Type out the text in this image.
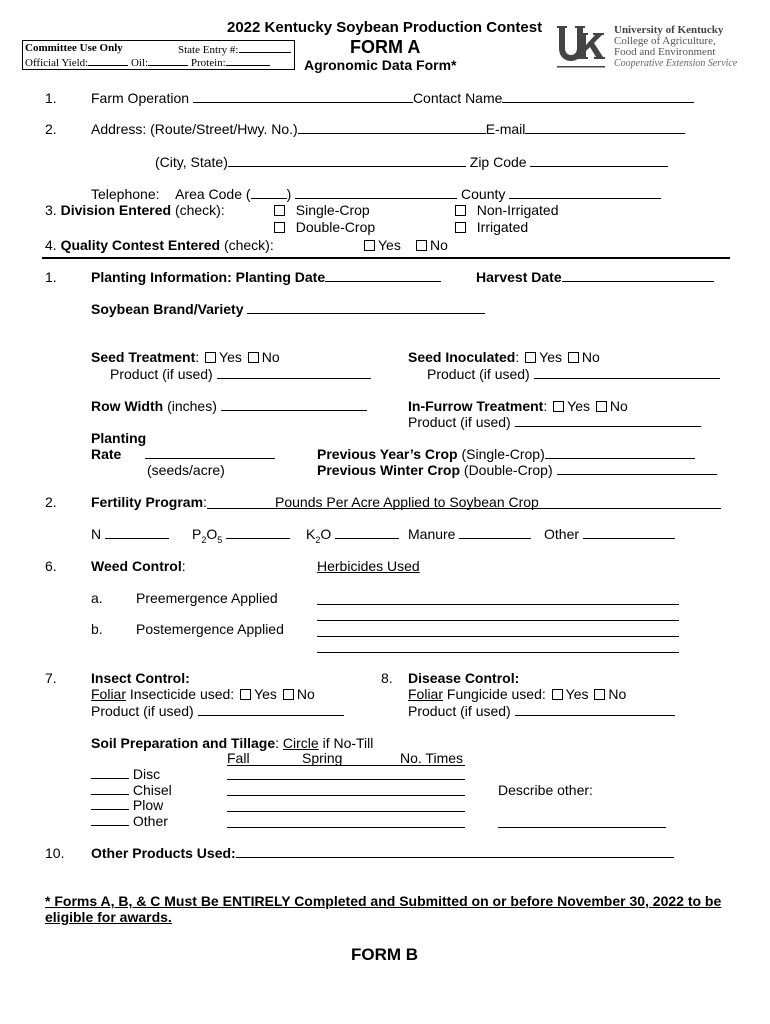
2022 Kentucky Soybean Production Contest
FORM A
Agronomic Data Form*
Committee Use Only	State Entry #:
Official Yield:	Oil:	Protein:
University of Kentucky
College of Agriculture,
Food and Environment
Cooperative Extension Service
1. Farm Operation	Contact Name
2. Address: (Route/Street/Hwy. No.)	E-mail
(City, State)	Zip Code
Telephone: Area Code (	)	County
3. Division Entered (check):	Single-Crop
Double-Crop
Non-Irrigated
Irrigated
4. Quality Contest Entered (check):	Yes	No
1. Planting Information: Planting Date	Harvest Date
Soybean Brand/Variety
Seed Treatment: Yes No
Product (if used)
Seed Inoculated: Yes No
Product (if used)
Row Width (inches)	In-Furrow Treatment: Yes No
Product (if used)
Planting
Rate
(seeds/acre)
Previous Year’s Crop (Single-Crop)
Previous Winter Crop (Double-Crop)
2. Fertility Program:	Pounds Per Acre Applied to Soybean Crop
N	$P_2O_5$	$K_2O$	Manure	Other
6. Weed Control:	Herbicides Used
a. Preemergence Applied
b. Postemergence Applied
7. Insect Control:
Foliar Insecticide used: Yes No
Product (if used)
8. Disease Control:
Foliar Fungicide used: Yes No
Product (if used)
Soil Preparation and Tillage: Circle if No-Till
Fall	Spring	No. Times
Disc
Chisel
Plow
Other
Describe other:
10. Other Products Used:
* Forms A, B, & C Must Be ENTIRELY Completed and Submitted on or before November 30, 2022 to be
eligible for awards.
FORM B
